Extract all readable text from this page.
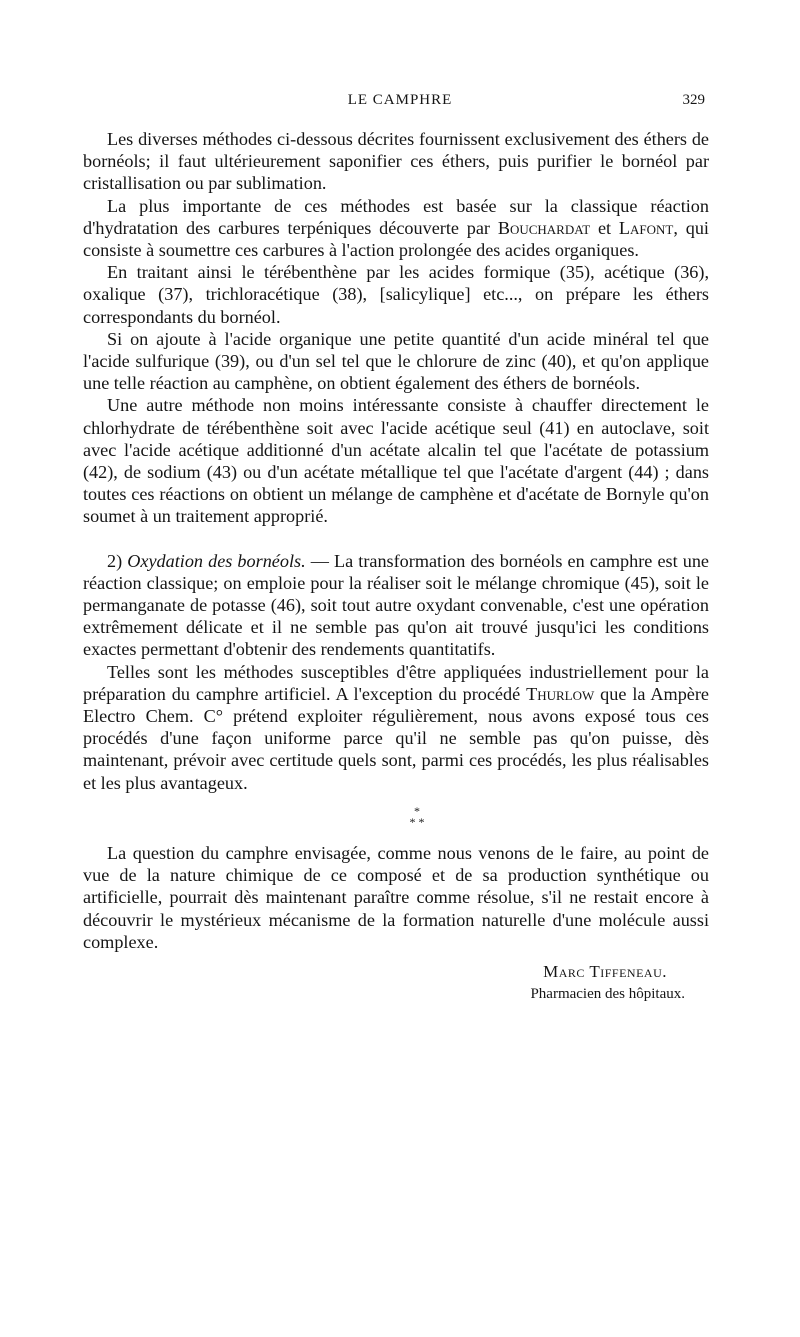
LE CAMPHRE	329

Les diverses méthodes ci-dessous décrites fournissent exclusivement des éthers de bornéols; il faut ultérieurement saponifier ces éthers, puis purifier le bornéol par cristallisation ou par sublimation.

La plus importante de ces méthodes est basée sur la classique réaction d'hydratation des carbures terpéniques découverte par Bouchardat et Lafont, qui consiste à soumettre ces carbures à l'action prolongée des acides organiques.

En traitant ainsi le térébenthène par les acides formique (35), acétique (36), oxalique (37), trichloracétique (38), [salicylique] etc..., on prépare les éthers correspondants du bornéol.

Si on ajoute à l'acide organique une petite quantité d'un acide minéral tel que l'acide sulfurique (39), ou d'un sel tel que le chlorure de zinc (40), et qu'on applique une telle réaction au camphène, on obtient également des éthers de bornéols.

Une autre méthode non moins intéressante consiste à chauffer directement le chlorhydrate de térébenthène soit avec l'acide acétique seul (41) en autoclave, soit avec l'acide acétique additionné d'un acétate alcalin tel que l'acétate de potassium (42), de sodium (43) ou d'un acétate métallique tel que l'acétate d'argent (44) ; dans toutes ces réactions on obtient un mélange de camphène et d'acétate de Bornyle qu'on soumet à un traitement approprié.

2) Oxydation des bornéols. — La transformation des bornéols en camphre est une réaction classique; on emploie pour la réaliser soit le mélange chromique (45), soit le permanganate de potasse (46), soit tout autre oxydant convenable, c'est une opération extrêmement délicate et il ne semble pas qu'on ait trouvé jusqu'ici les conditions exactes permettant d'obtenir des rendements quantitatifs.

Telles sont les méthodes susceptibles d'être appliquées industriellement pour la préparation du camphre artificiel. A l'exception du procédé Thurlow que la Ampère Electro Chem. C° prétend exploiter régulièrement, nous avons exposé tous ces procédés d'une façon uniforme parce qu'il ne semble pas qu'on puisse, dès maintenant, prévoir avec certitude quels sont, parmi ces procédés, les plus réalisables et les plus avantageux.

*
* *

La question du camphre envisagée, comme nous venons de le faire, au point de vue de la nature chimique de ce composé et de sa production synthétique ou artificielle, pourrait dès maintenant paraître comme résolue, s'il ne restait encore à découvrir le mystérieux mécanisme de la formation naturelle d'une molécule aussi complexe.

Marc Tiffeneau.
Pharmacien des hôpitaux.
